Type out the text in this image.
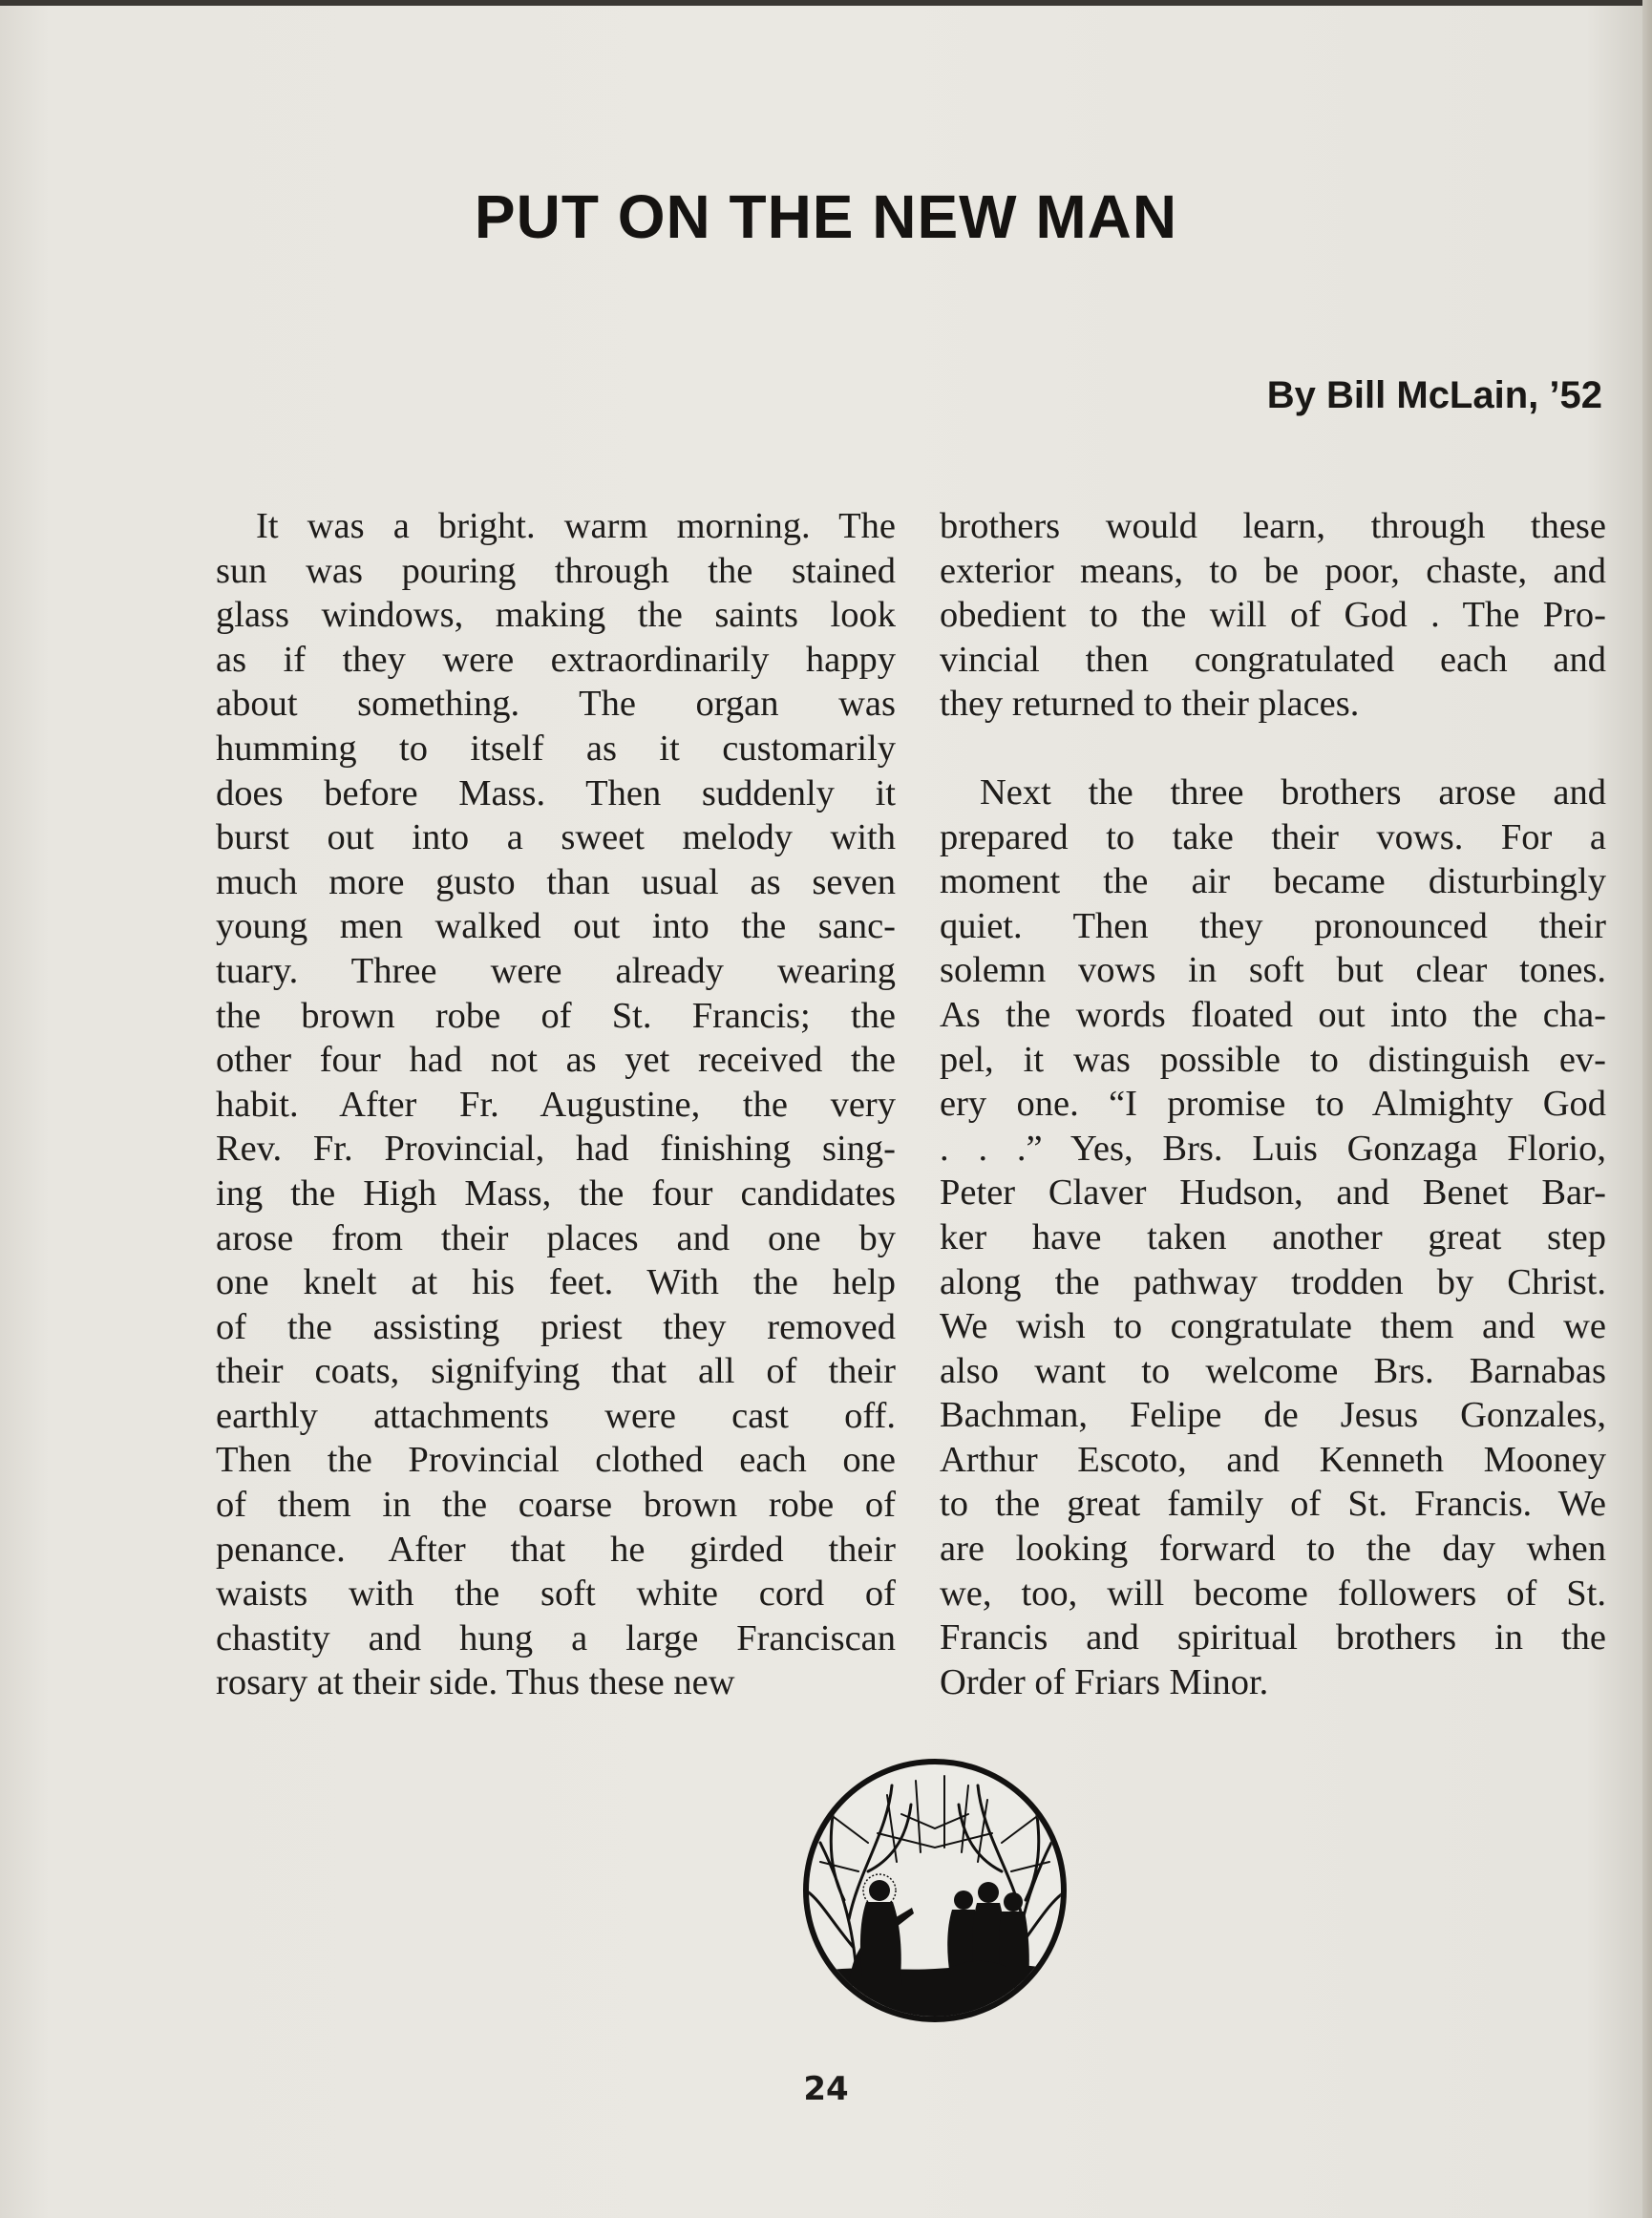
PUT ON THE NEW MAN

By Bill McLain, ’52

It was a bright. warm morning. The
sun was pouring through the stained
glass windows, making the saints look
as if they were extraordinarily happy
about something. The organ was
humming to itself as it customarily
does before Mass. Then suddenly it
burst out into a sweet melody with
much more gusto than usual as seven
young men walked out into the sanc-
tuary. Three were already wearing
the brown robe of St. Francis; the
other four had not as yet received the
habit. After Fr. Augustine, the very
Rev. Fr. Provincial, had finishing sing-
ing the High Mass, the four candidates
arose from their places and one by
one knelt at his feet. With the help
of the assisting priest they removed
their coats, signifying that all of their
earthly attachments were cast off.
Then the Provincial clothed each one
of them in the coarse brown robe of
penance. After that he girded their
waists with the soft white cord of
chastity and hung a large Franciscan
rosary at their side. Thus these new

brothers would learn, through these
exterior means, to be poor, chaste, and
obedient to the will of God . The Pro-
vincial then congratulated each and
they returned to their places.

Next the three brothers arose and
prepared to take their vows. For a
moment the air became disturbingly
quiet. Then they pronounced their
solemn vows in soft but clear tones.
As the words floated out into the cha-
pel, it was possible to distinguish ev-
ery one. “I promise to Almighty God
. . .” Yes, Brs. Luis Gonzaga Florio,
Peter Claver Hudson, and Benet Bar-
ker have taken another great step
along the pathway trodden by Christ.
We wish to congratulate them and we
also want to welcome Brs. Barnabas
Bachman, Felipe de Jesus Gonzales,
Arthur Escoto, and Kenneth Mooney
to the great family of St. Francis. We
are looking forward to the day when
we, too, will become followers of St.
Francis and spiritual brothers in the
Order of Friars Minor.

24
